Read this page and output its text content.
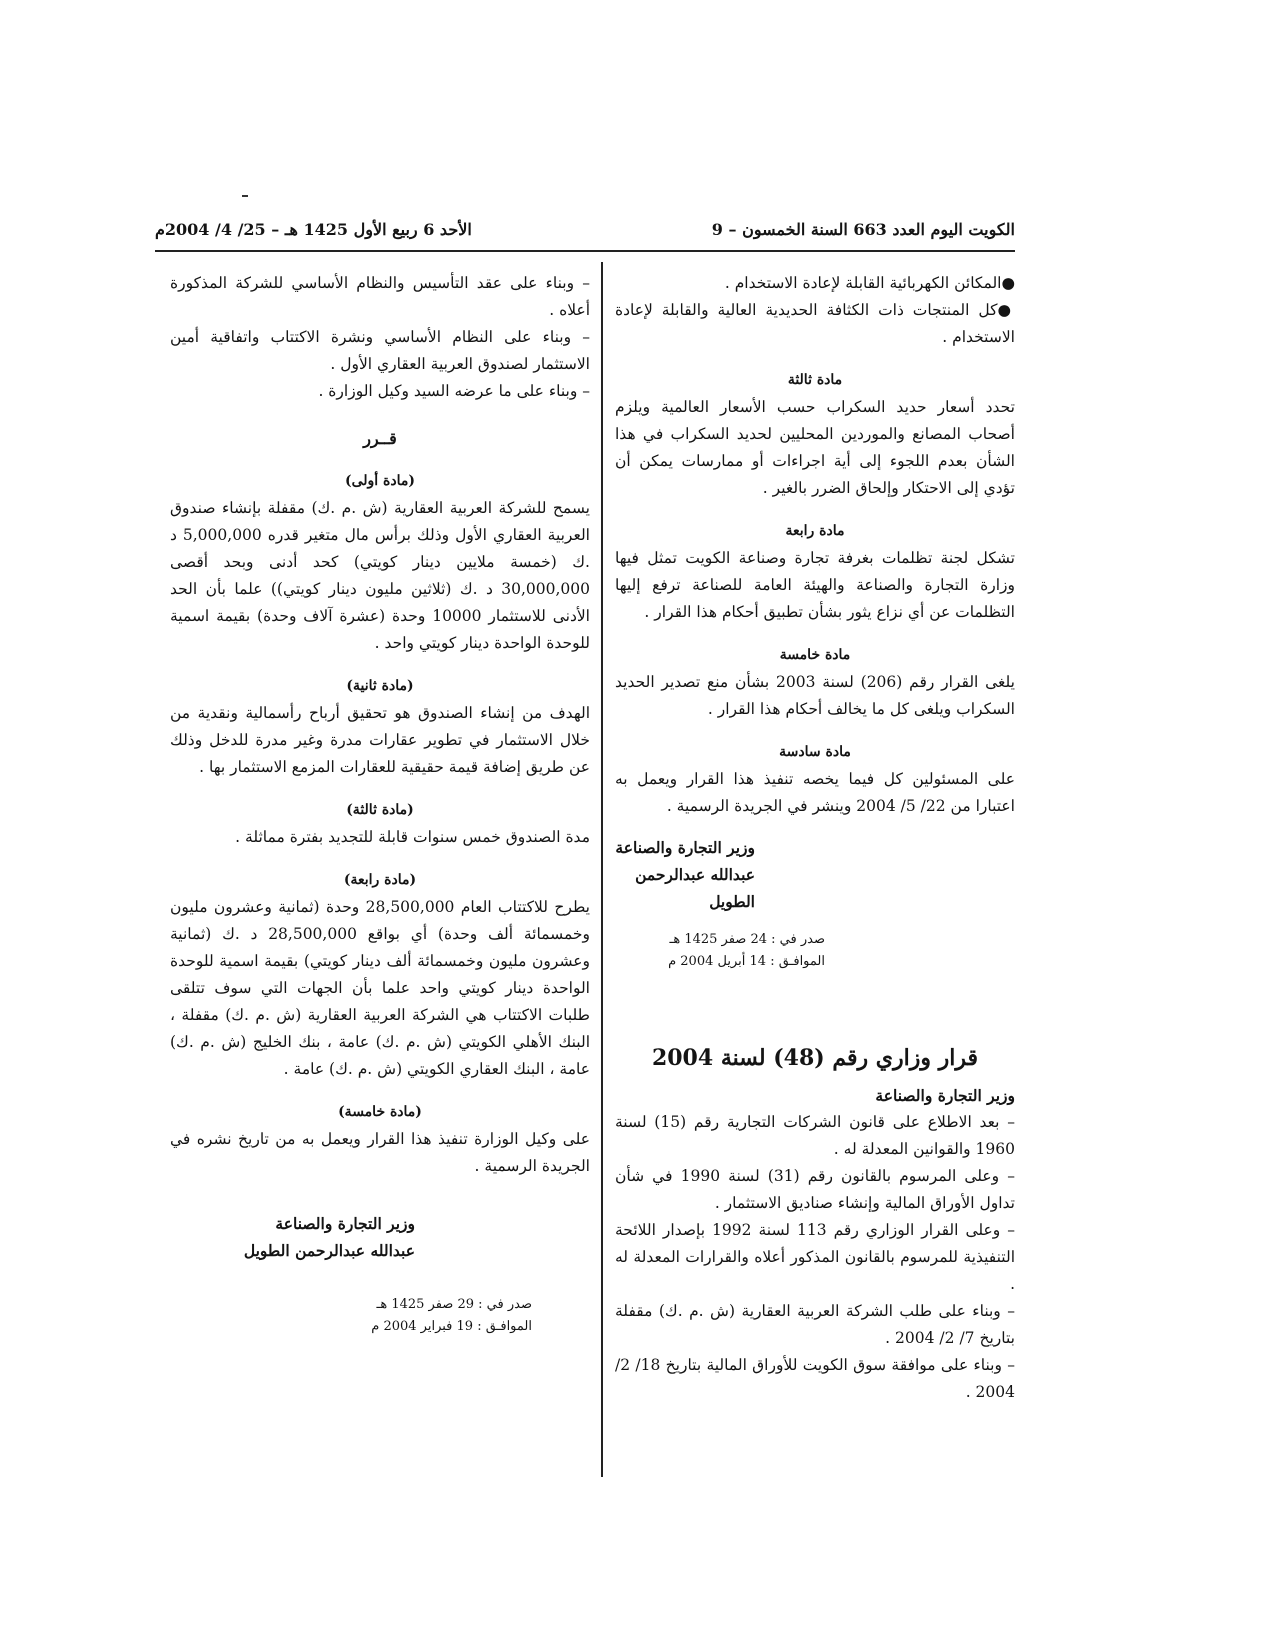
الكويت اليوم العدد 663 السنة الخمسون – 9
الأحد 6 ربيع الأول 1425 هـ – 25/ 4/ 2004م

● المكائن الكهربائية القابلة لإعادة الاستخدام .

● كل المنتجات ذات الكثافة الحديدية العالية والقابلة لإعادة الاستخدام .

مادة ثالثة

تحدد أسعار حديد السكراب حسب الأسعار العالمية ويلزم أصحاب المصانع والموردين المحليين لحديد السكراب في هذا الشأن بعدم اللجوء إلى أية اجراءات أو ممارسات يمكن أن تؤدي إلى الاحتكار وإلحاق الضرر بالغير .

مادة رابعة

تشكل لجنة تظلمات بغرفة تجارة وصناعة الكويت تمثل فيها وزارة التجارة والصناعة والهيئة العامة للصناعة ترفع إليها التظلمات عن أي نزاع يثور بشأن تطبيق أحكام هذا القرار .

مادة خامسة

يلغى القرار رقم (206) لسنة 2003 بشأن منع تصدير الحديد السكراب ويلغى كل ما يخالف أحكام هذا القرار .

مادة سادسة

على المسئولين كل فيما يخصه تنفيذ هذا القرار ويعمل به اعتبارا من 22/ 5/ 2004 وينشر في الجريدة الرسمية .

وزير التجارة والصناعة

عبدالله عبدالرحمن الطويل

صدر في : 24 صفر 1425 هـ

الموافـق : 14 أبريل 2004 م

قرار وزاري رقم (48) لسنة 2004

وزير التجارة والصناعة

– بعد الاطلاع على قانون الشركات التجارية رقم (15) لسنة 1960 والقوانين المعدلة له .

– وعلى المرسوم بالقانون رقم (31) لسنة 1990 في شأن تداول الأوراق المالية وإنشاء صناديق الاستثمار .

– وعلى القرار الوزاري رقم 113 لسنة 1992 بإصدار اللائحة التنفيذية للمرسوم بالقانون المذكور أعلاه والقرارات المعدلة له .

– وبناء على طلب الشركة العربية العقارية (ش .م .ك) مقفلة بتاريخ 7/ 2/ 2004 .

– وبناء على موافقة سوق الكويت للأوراق المالية بتاريخ 18/ 2/ 2004 .

– وبناء على عقد التأسيس والنظام الأساسي للشركة المذكورة أعلاه .

– وبناء على النظام الأساسي ونشرة الاكتتاب واتفاقية أمين الاستثمار لصندوق العربية العقاري الأول .

– وبناء على ما عرضه السيد وكيل الوزارة .

قــرر

(مادة أولى)

يسمح للشركة العربية العقارية (ش .م .ك) مقفلة بإنشاء صندوق العربية العقاري الأول وذلك برأس مال متغير قدره 5,000,000 د .ك (خمسة ملايين دينار كويتي) كحد أدنى وبحد أقصى 30,000,000 د .ك (ثلاثين مليون دينار كويتي)) علما بأن الحد الأدنى للاستثمار 10000 وحدة (عشرة آلاف وحدة) بقيمة اسمية للوحدة الواحدة دينار كويتي واحد .

(مادة ثانية)

الهدف من إنشاء الصندوق هو تحقيق أرباح رأسمالية ونقدية من خلال الاستثمار في تطوير عقارات مدرة وغير مدرة للدخل وذلك عن طريق إضافة قيمة حقيقية للعقارات المزمع الاستثمار بها .

(مادة ثالثة)

مدة الصندوق خمس سنوات قابلة للتجديد بفترة مماثلة .

(مادة رابعة)

يطرح للاكتتاب العام 28,500,000 وحدة (ثمانية وعشرون مليون وخمسمائة ألف وحدة) أي بواقع 28,500,000 د .ك (ثمانية وعشرون مليون وخمسمائة ألف دينار كويتي) بقيمة اسمية للوحدة الواحدة دينار كويتي واحد علما بأن الجهات التي سوف تتلقى طلبات الاكتتاب هي الشركة العربية العقارية (ش .م .ك) مقفلة ، البنك الأهلي الكويتي (ش .م .ك) عامة ، بنك الخليج (ش .م .ك) عامة ، البنك العقاري الكويتي (ش .م .ك) عامة .

(مادة خامسة)

على وكيل الوزارة تنفيذ هذا القرار ويعمل به من تاريخ نشره في الجريدة الرسمية .

وزير التجارة والصناعة

عبدالله عبدالرحمن الطويل

صدر في : 29 صفر 1425 هـ

الموافـق : 19 فبراير 2004 م
